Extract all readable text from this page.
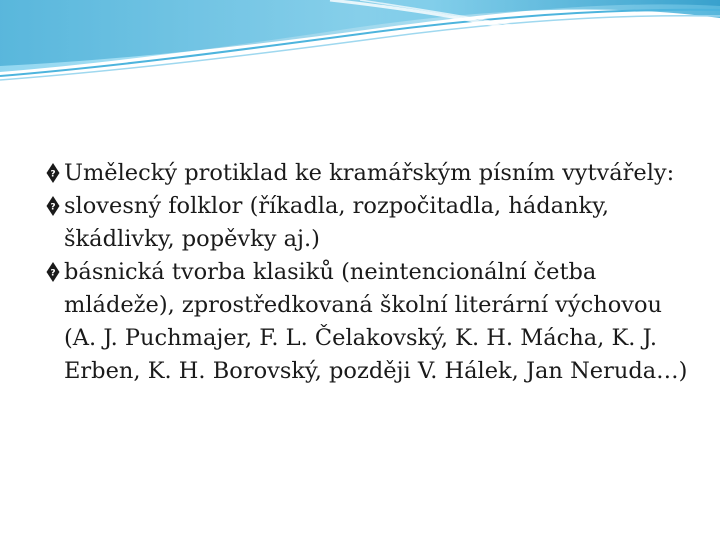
? Umělecký protiklad ke kramářským písním vytvářely:

? slovesný folklor (říkadla, rozpočitadla, hádanky, škádlivky, popěvky aj.)

? básnická tvorba klasiků (neintencionální četba mládeže), zprostředkovaná školní literární výchovou (A. J. Puchmajer, F. L. Čelakovský, K. H. Mácha, K. J. Erben, K. H. Borovský, později V. Hálek, Jan Neruda…)
